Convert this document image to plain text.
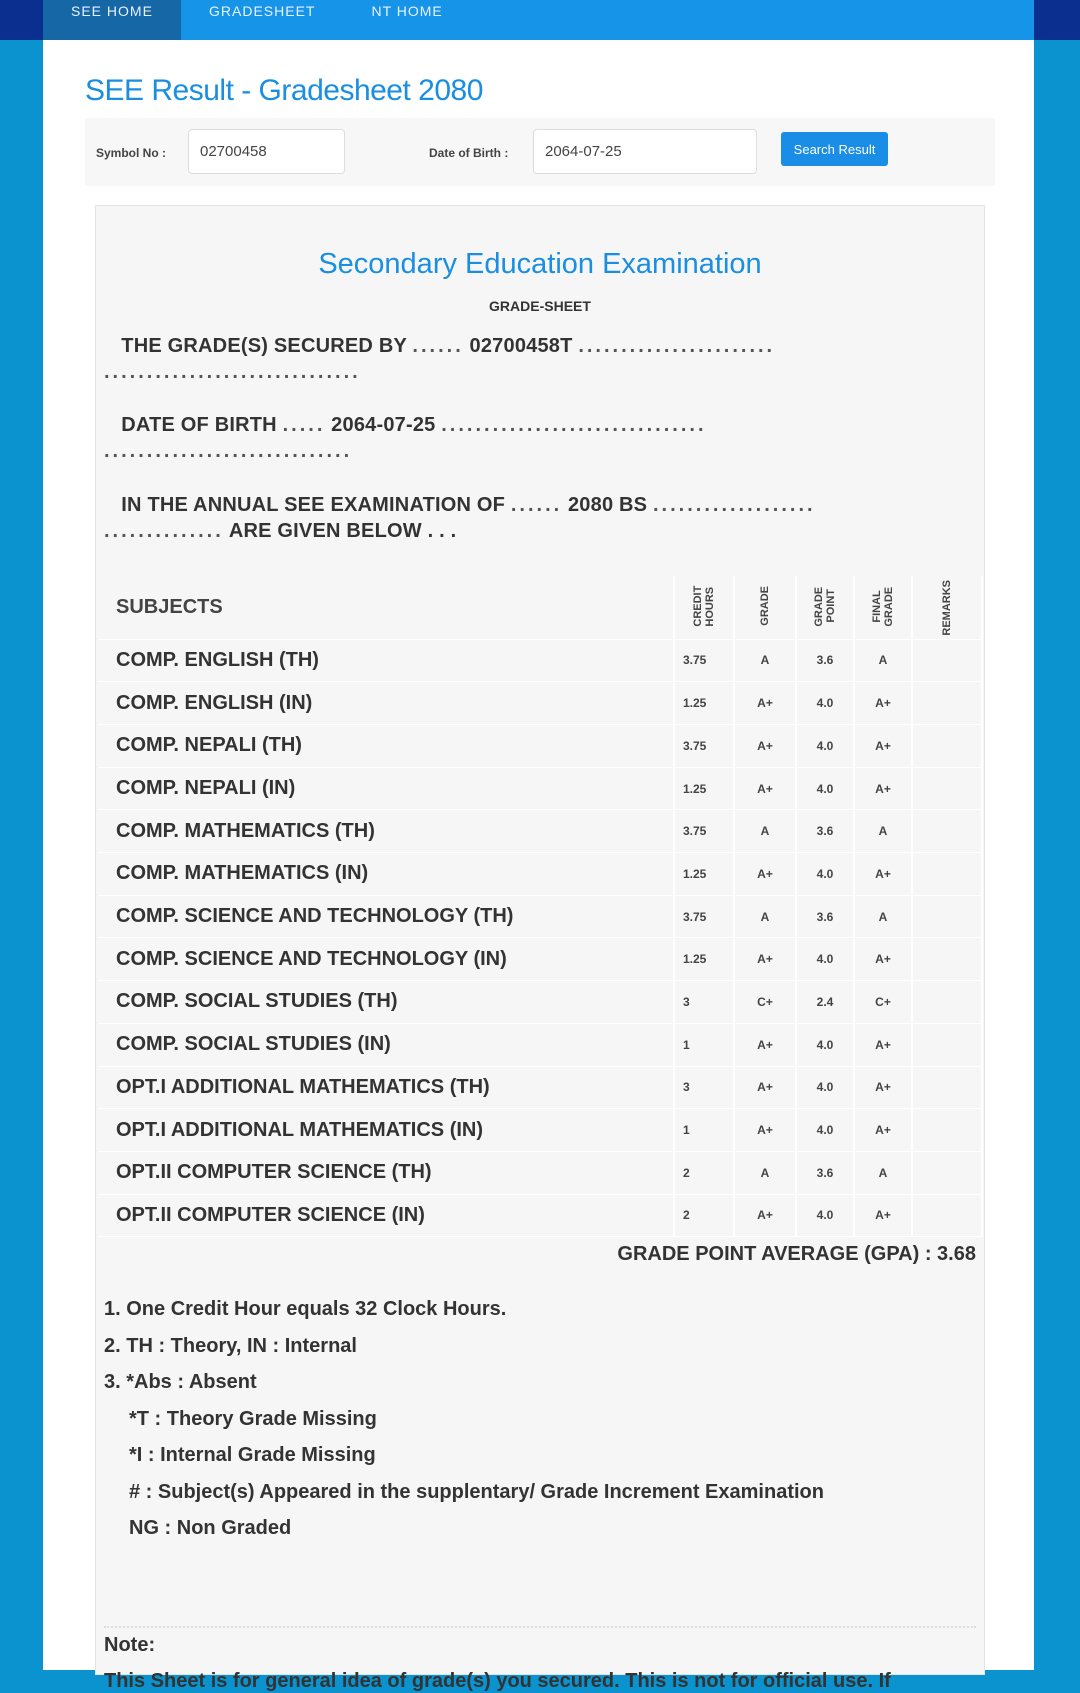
SEE HOME	GRADESHEET	NT HOME
SEE Result - Gradesheet 2080
Symbol No :
02700458	Date of Birth :
2064-07-25	Search Result
Secondary Education Examination
GRADE-SHEET
THE GRADE(S) SECURED BY ...... 02700458T .......................
..............................
DATE OF BIRTH ..... 2064-07-25 ...............................
.............................
IN THE ANNUAL SEE EXAMINATION OF ...... 2080 BS ...................
.............. ARE GIVEN BELOW . . .
SUBJECTS	CREDIT HOURS	GRADE	GRADE POINT	FINAL GRADE	REMARKS
COMP. ENGLISH (TH)	3.75	A	3.6	A	
COMP. ENGLISH (IN)	1.25	A+	4.0	A+	
COMP. NEPALI (TH)	3.75	A+	4.0	A+	
COMP. NEPALI (IN)	1.25	A+	4.0	A+	
COMP. MATHEMATICS (TH)	3.75	A	3.6	A	
COMP. MATHEMATICS (IN)	1.25	A+	4.0	A+	
COMP. SCIENCE AND TECHNOLOGY (TH)	3.75	A	3.6	A	
COMP. SCIENCE AND TECHNOLOGY (IN)	1.25	A+	4.0	A+	
COMP. SOCIAL STUDIES (TH)	3	C+	2.4	C+	
COMP. SOCIAL STUDIES (IN)	1	A+	4.0	A+	
OPT.I ADDITIONAL MATHEMATICS (TH)	3	A+	4.0	A+	
OPT.I ADDITIONAL MATHEMATICS (IN)	1	A+	4.0	A+	
OPT.II COMPUTER SCIENCE (TH)	2	A	3.6	A	
OPT.II COMPUTER SCIENCE (IN)	2	A+	4.0	A+	
GRADE POINT AVERAGE (GPA) : 3.68
1. One Credit Hour equals 32 Clock Hours.
2. TH : Theory, IN : Internal
3. *Abs : Absent
*T : Theory Grade Missing
*I : Internal Grade Missing
# : Subject(s) Appeared in the supplentary/ Grade Increment Examination
NG : Non Graded
Note:
This Sheet is for general idea of grade(s) you secured. This is not for official use. If
